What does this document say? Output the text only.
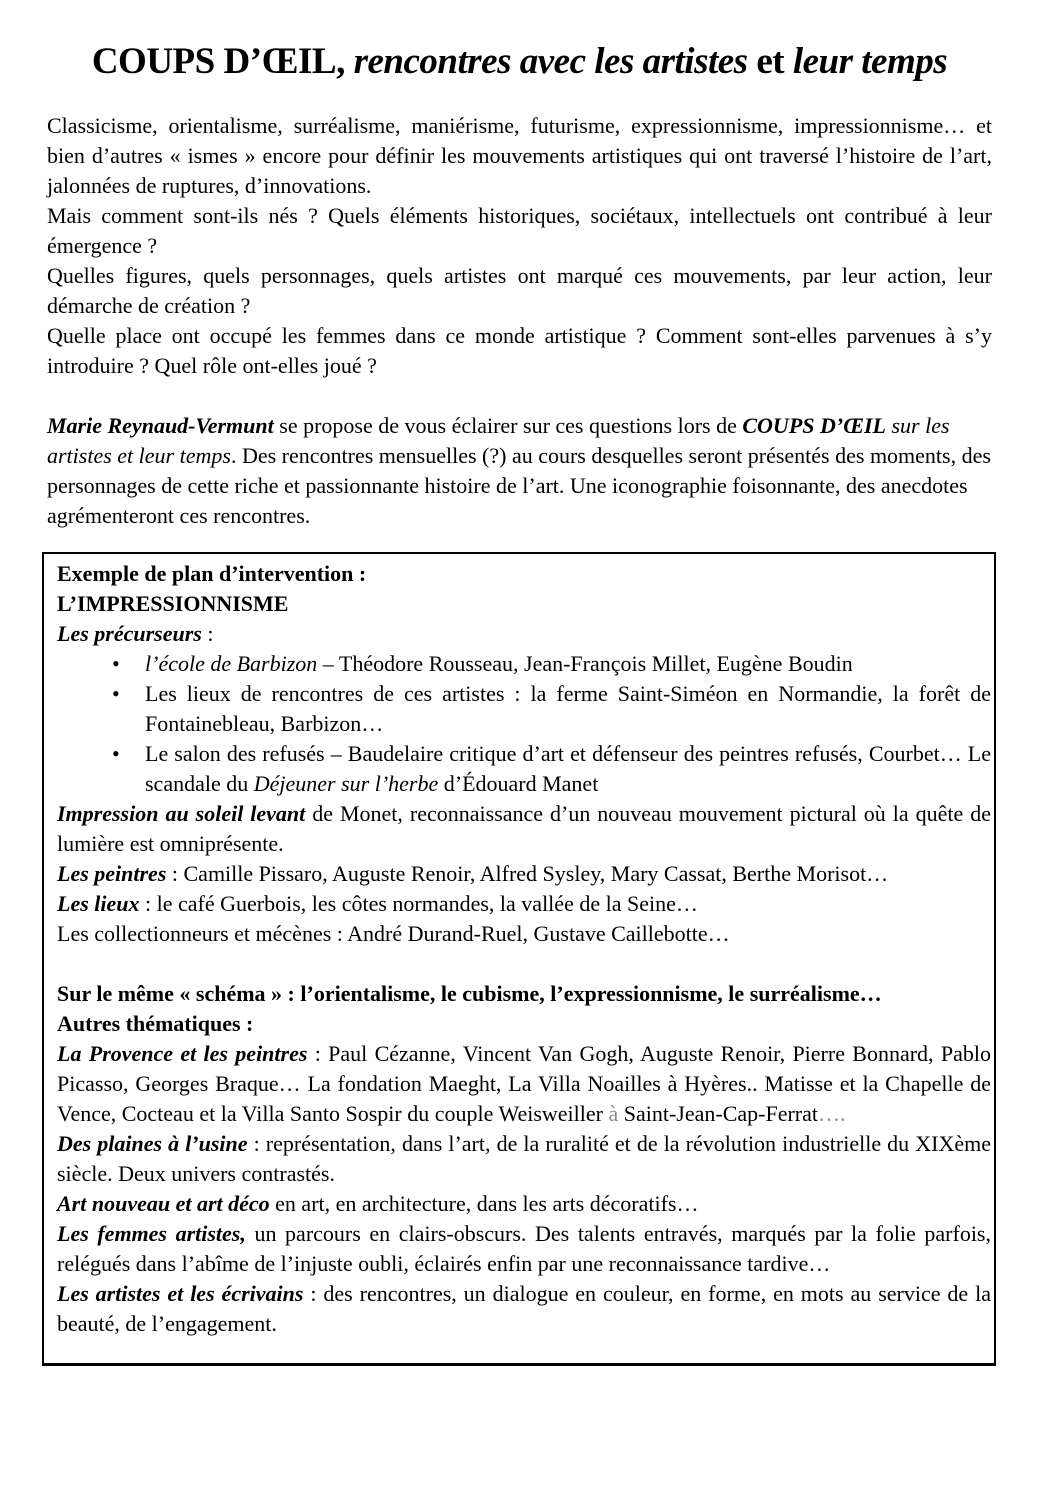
COUPS D’ŒIL, rencontres avec les artistes et leur temps

Classicisme, orientalisme, surréalisme, maniérisme, futurisme, expressionnisme, impressionnisme… et bien d’autres « ismes » encore pour définir les mouvements artistiques qui ont traversé l’histoire de l’art, jalonnées de ruptures, d’innovations.

Mais comment sont-ils nés ? Quels éléments historiques, sociétaux, intellectuels ont contribué à leur émergence ?

Quelles figures, quels personnages, quels artistes ont marqué ces mouvements, par leur action, leur démarche de création ?

Quelle place ont occupé les femmes dans ce monde artistique ? Comment sont-elles parvenues à s’y introduire ? Quel rôle ont-elles joué ?

Marie Reynaud-Vermunt se propose de vous éclairer sur ces questions lors de COUPS D’ŒIL sur les artistes et leur temps. Des rencontres mensuelles (?) au cours desquelles seront présentés des moments, des personnages de cette riche et passionnante histoire de l’art. Une iconographie foisonnante, des anecdotes agrémenteront ces rencontres.

Exemple de plan d’intervention :

L’IMPRESSIONNISME

Les précurseurs :

• l’école de Barbizon – Théodore Rousseau, Jean-François Millet, Eugène Boudin
• Les lieux de rencontres de ces artistes : la ferme Saint-Siméon en Normandie, la forêt de Fontainebleau, Barbizon…
• Le salon des refusés – Baudelaire critique d’art et défenseur des peintres refusés, Courbet… Le scandale du Déjeuner sur l’herbe d’Édouard Manet

Impression au soleil levant de Monet, reconnaissance d’un nouveau mouvement pictural où la quête de lumière est omniprésente.

Les peintres : Camille Pissaro, Auguste Renoir, Alfred Sysley, Mary Cassat, Berthe Morisot…

Les lieux : le café Guerbois, les côtes normandes, la vallée de la Seine…

Les collectionneurs et mécènes : André Durand-Ruel, Gustave Caillebotte…

Sur le même « schéma » : l’orientalisme, le cubisme, l’expressionnisme, le surréalisme…

Autres thématiques :

La Provence et les peintres : Paul Cézanne, Vincent Van Gogh, Auguste Renoir, Pierre Bonnard, Pablo Picasso, Georges Braque… La fondation Maeght, La Villa Noailles à Hyères.. Matisse et la Chapelle de Vence, Cocteau et la Villa Santo Sospir du couple Weisweiller à Saint-Jean-Cap-Ferrat….

Des plaines à l’usine : représentation, dans l’art, de la ruralité et de la révolution industrielle du XIXème siècle. Deux univers contrastés.

Art nouveau et art déco en art, en architecture, dans les arts décoratifs…

Les femmes artistes, un parcours en clairs-obscurs. Des talents entravés, marqués par la folie parfois, relégués dans l’abîme de l’injuste oubli, éclairés enfin par une reconnaissance tardive…

Les artistes et les écrivains : des rencontres, un dialogue en couleur, en forme, en mots au service de la beauté, de l’engagement.
